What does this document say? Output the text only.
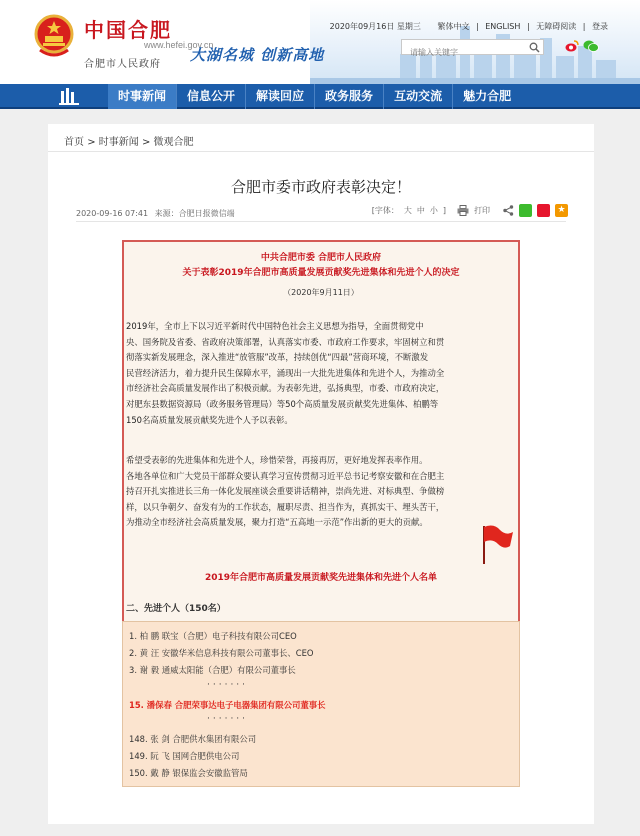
中国合肥
www.hefei.gov.cn
合肥市人民政府
大湖名城 创新高地
2020年09月16日 星期三 繁体中文 | ENGLISH | 无障碍阅读 | 登录
请输入关键字
时事新闻	信息公开	解读回应	政务服务	互动交流	魅力合肥
首页 > 时事新闻 > 微观合肥
合肥市委市政府表彰决定！
2020-09-16 07:41 来源：合肥日报微信端	[字体： 大 中 小 ]	打印	★
中共合肥市委 合肥市人民政府
关于表彰2019年合肥市高质量发展贡献奖先进集体和先进个人的决定
（2020年9月11日）
2019年，全市上下以习近平新时代中国特色社会主义思想为指导，全面贯彻党中
央、国务院及省委、省政府决策部署，认真落实市委、市政府工作要求，牢固树立和贯
彻落实新发展理念，深入推进“放管服”改革，持续创优“四最”营商环境，不断激发
民营经济活力，着力提升民生保障水平，涌现出一大批先进集体和先进个人，为推动全
市经济社会高质量发展作出了积极贡献。为表彰先进，弘扬典型，市委、市政府决定，
对肥东县数据资源局（政务服务管理局）等50个高质量发展贡献奖先进集体、柏鹏等
150名高质量发展贡献奖先进个人予以表彰。
希望受表彰的先进集体和先进个人，珍惜荣誉，再接再厉，更好地发挥表率作用。
各地各单位和广大党员干部群众要认真学习宣传贯彻习近平总书记考察安徽和在合肥主
持召开扎实推进长三角一体化发展座谈会重要讲话精神，崇尚先进、对标典型、争做榜
样，以只争朝夕、奋发有为的工作状态，履职尽责、担当作为，真抓实干、埋头苦干，
为推动全市经济社会高质量发展，聚力打造“五高地一示范”作出新的更大的贡献。
2019年合肥市高质量发展贡献奖先进集体和先进个人名单
二、先进个人（150名）
1. 柏 鹏 联宝（合肥）电子科技有限公司CEO
2. 黄 汪 安徽华米信息科技有限公司董事长、CEO
3. 谢 毅 通威太阳能（合肥）有限公司董事长
·······
15. 潘保春 合肥荣事达电子电器集团有限公司董事长
·······
148. 张 剑 合肥供水集团有限公司
149. 阮 飞 国网合肥供电公司
150. 戴 静 银保监会安徽监管局
